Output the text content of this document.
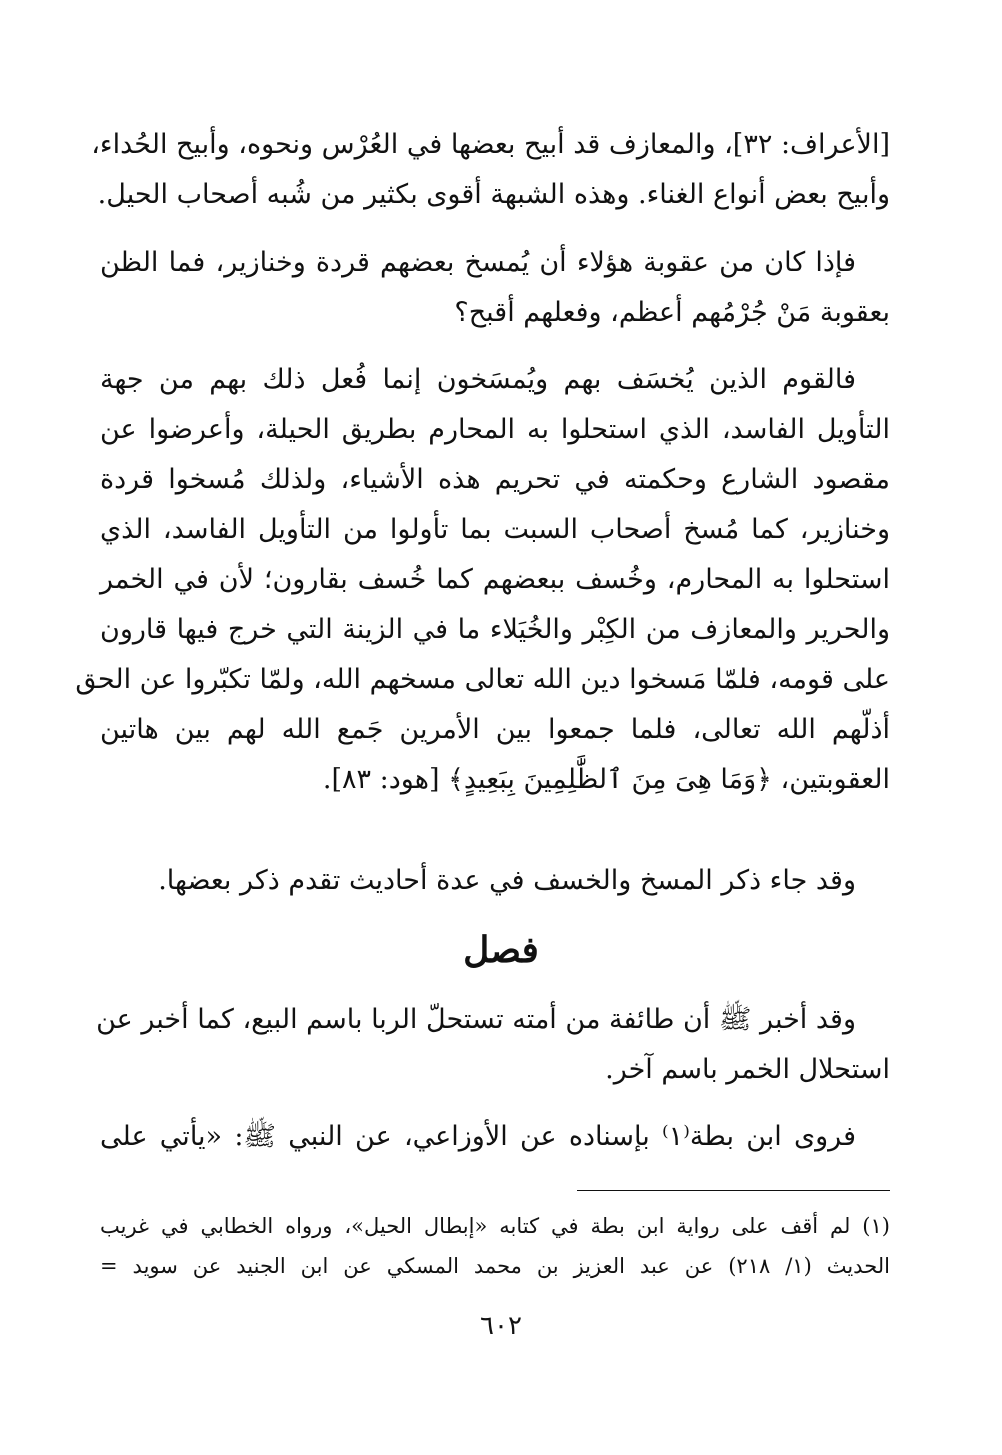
[الأعراف: ٣٢]، والمعازف قد أبيح بعضها في العُرْس ونحوه، وأبيح الحُداء،
وأبيح بعض أنواع الغناء. وهذه الشبهة أقوى بكثير من شُبه أصحاب الحيل.
فإذا كان من عقوبة هؤلاء أن يُمسخ بعضهم قردة وخنازير، فما الظن
بعقوبة مَنْ جُرْمُهم أعظم، وفعلهم أقبح؟
فالقوم الذين يُخسَف بهم ويُمسَخون إنما فُعل ذلك بهم من جهة
التأويل الفاسد، الذي استحلوا به المحارم بطريق الحيلة، وأعرضوا عن
مقصود الشارع وحكمته في تحريم هذه الأشياء، ولذلك مُسخوا قردة
وخنازير، كما مُسخ أصحاب السبت بما تأولوا من التأويل الفاسد، الذي
استحلوا به المحارم، وخُسف ببعضهم كما خُسف بقارون؛ لأن في الخمر
والحرير والمعازف من الكِبْر والخُيَلاء ما في الزينة التي خرج فيها قارون
على قومه، فلمّا مَسخوا دين الله تعالى مسخهم الله، ولمّا تكبّروا عن الحق
أذلّهم الله تعالى، فلما جمعوا بين الأمرين جَمع الله لهم بين هاتين
العقوبتين، ﴿وَمَا هِىَ مِنَ ٱلظَّٰلِمِينَ بِبَعِيدٍ﴾ [هود: ٨٣].
وقد جاء ذكر المسخ والخسف في عدة أحاديث تقدم ذكر بعضها.
فصل
وقد أخبر ﷺ أن طائفة من أمته تستحلّ الربا باسم البيع، كما أخبر عن
استحلال الخمر باسم آخر.
فروى ابن بطة⁽١⁾ بإسناده عن الأوزاعي، عن النبي ﷺ: «يأتي على
(١) لم أقف على رواية ابن بطة في كتابه «إبطال الحيل»، ورواه الخطابي في غريب
الحديث (١/ ٢١٨) عن عبد العزيز بن محمد المسكي عن ابن الجنيد عن سويد =
٦٠٢
